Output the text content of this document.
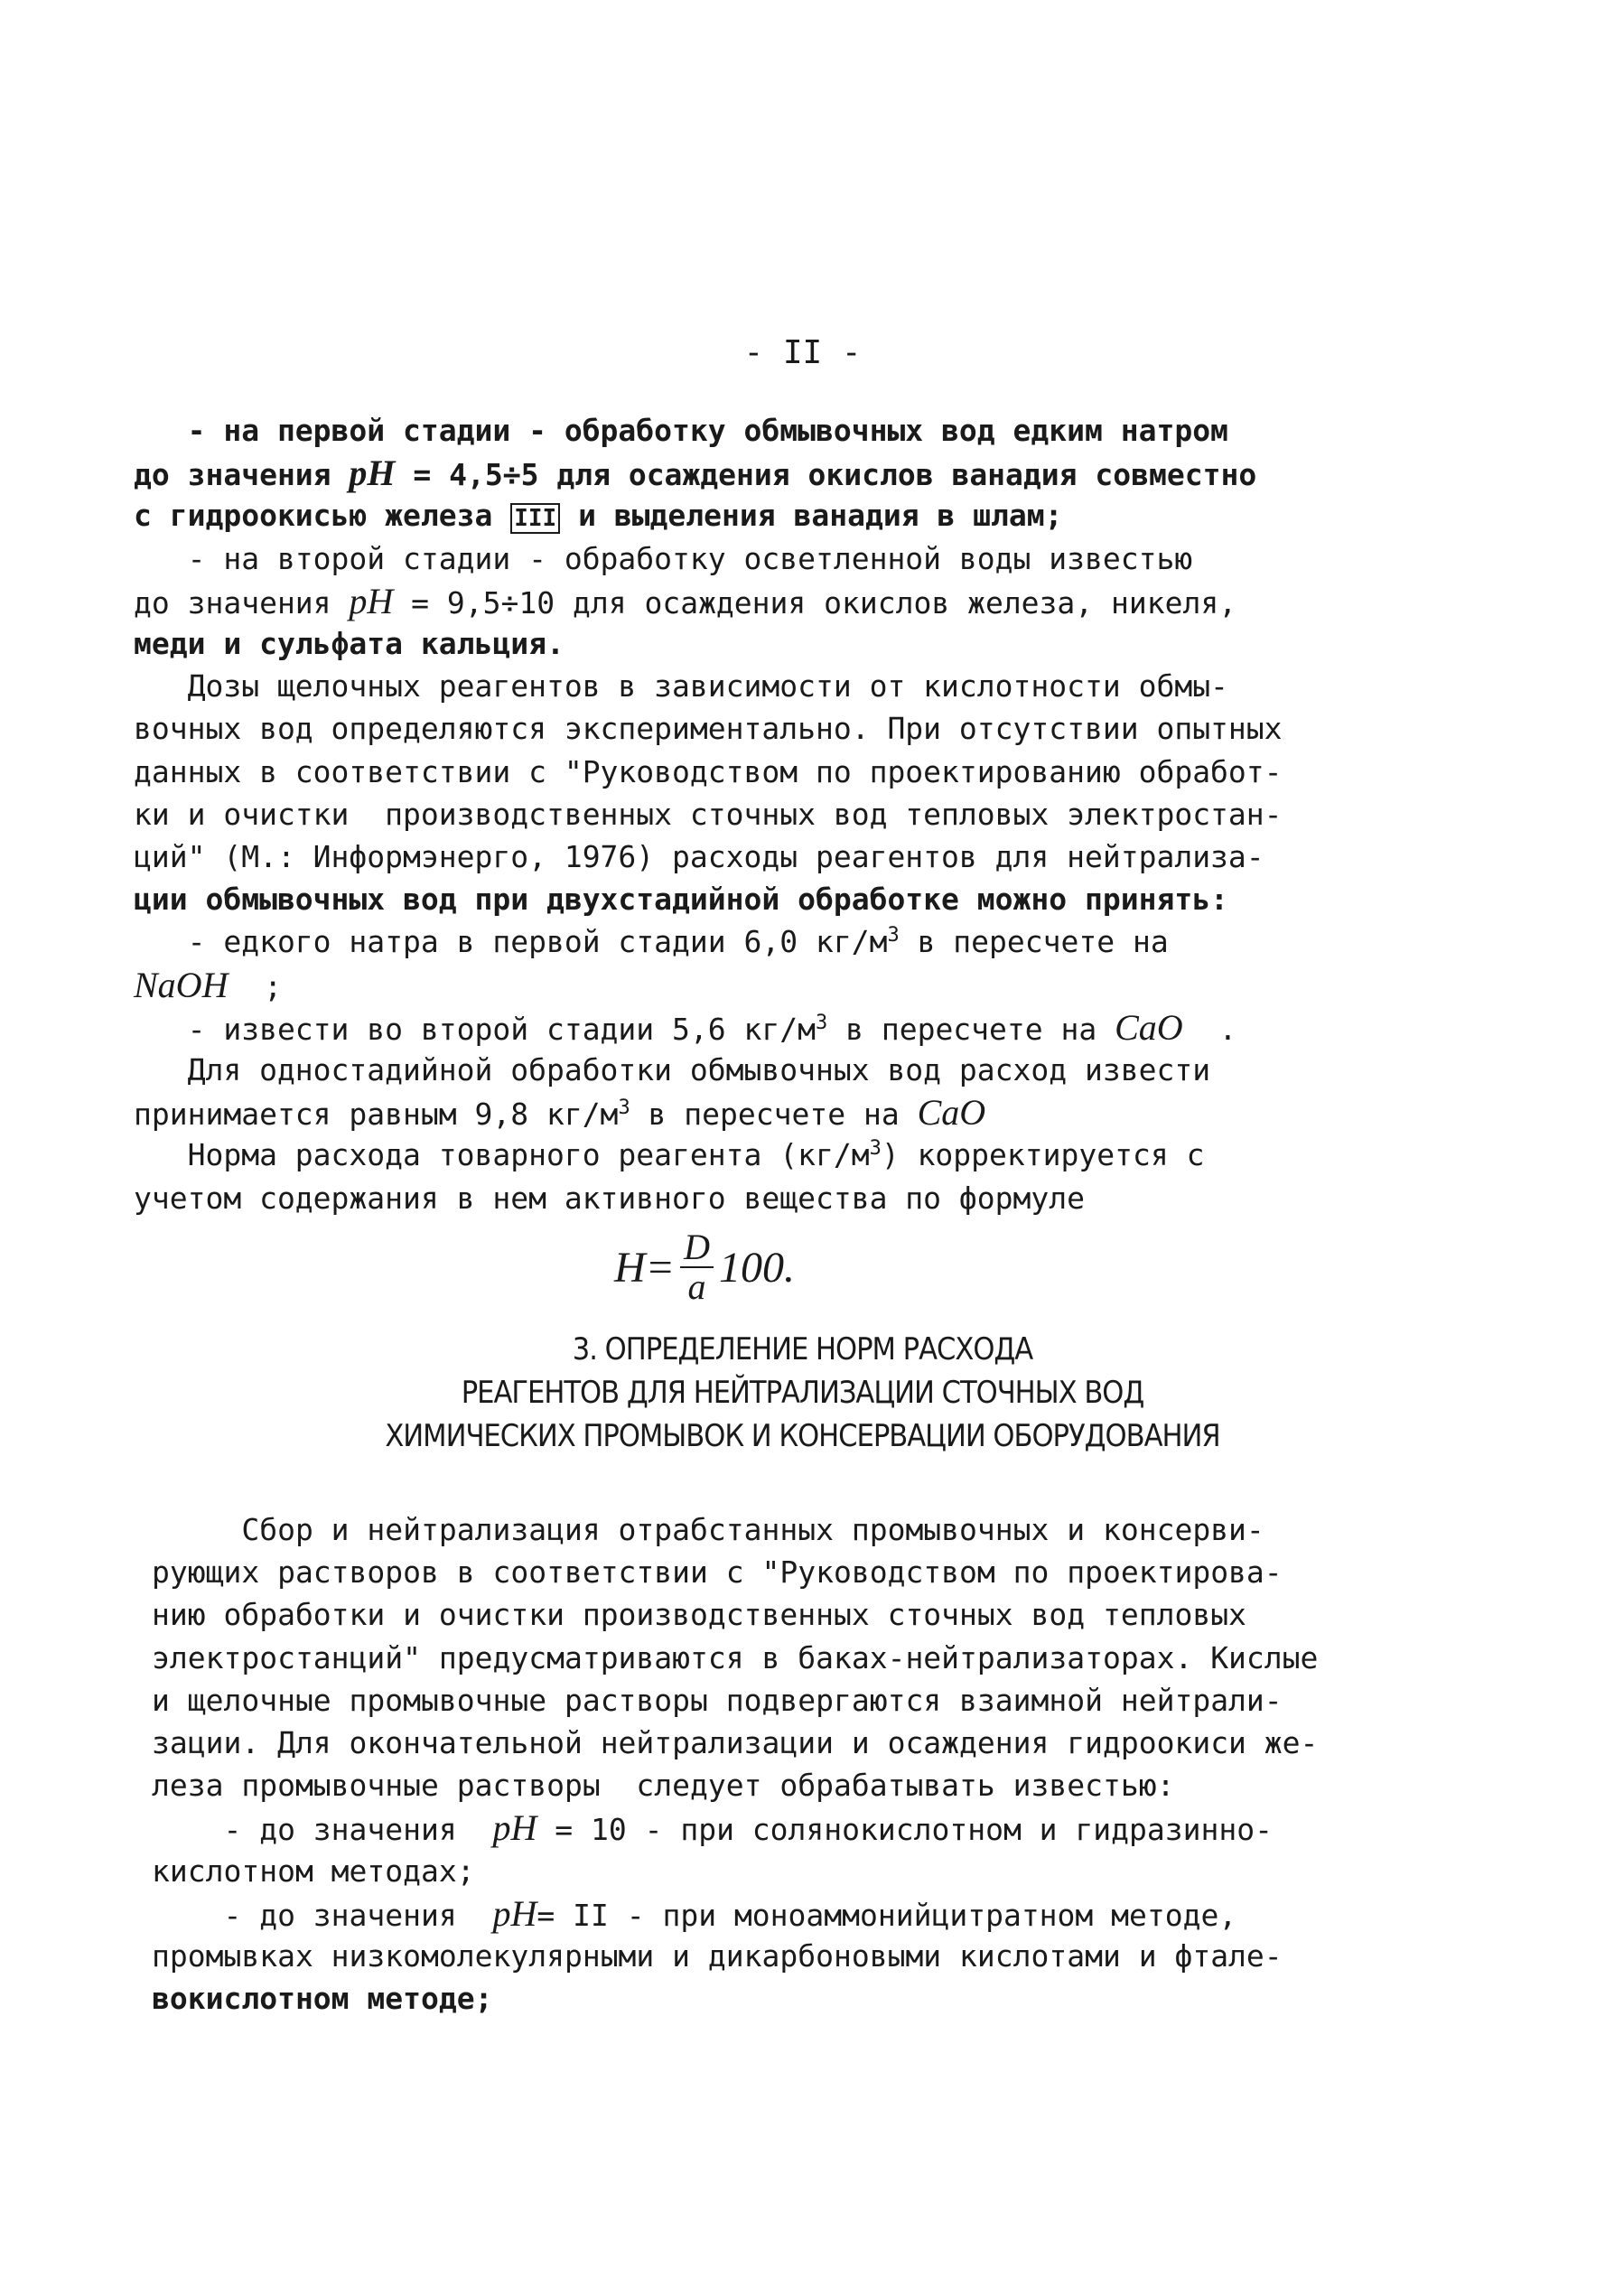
- II -
- на первой стадии - обработку обмывочных вод едким натром
до значения pH = 4,5÷5 для осаждения окислов ванадия совместно
с гидроокисью железа III и выделения ванадия в шлам;
- на второй стадии - обработку осветленной воды известью
до значения pH = 9,5÷10 для осаждения окислов железа, никеля,
меди и сульфата кальция.
Дозы щелочных реагентов в зависимости от кислотности обмы-
вочных вод определяются экспериментально. При отсутствии опытных
данных в соответствии с "Руководством по проектированию обработ-
ки и очистки  производственных сточных вод тепловых электростан-
ций" (М.: Информэнерго, 1976) расходы реагентов для нейтрализа-
ции обмывочных вод при двухстадийной обработке можно принять:
- едкого натра в первой стадии 6,0 $кг/м^3$ в пересчете на
NaOH  ;
- извести во второй стадии 5,6 $кг/м^3$ в пересчете на CaO  .
Для одностадийной обработки обмывочных вод расход извести
принимается равным 9,8 $кг/м^3$ в пересчете на CaO
Норма расхода товарного реагента $(кг/м^3)$ корректируется с
учетом содержания в нем активного вещества по формуле
$H = \frac{D}{a} 100$.
3. ОПРЕДЕЛЕНИЕ НОРМ РАСХОДА
РЕАГЕНТОВ ДЛЯ НЕЙТРАЛИЗАЦИИ СТОЧНЫХ ВОД
ХИМИЧЕСКИХ ПРОМЫВОК И КОНСЕРВАЦИИ ОБОРУДОВАНИЯ
Сбор и нейтрализация отрабстанных промывочных и консерви-
рующих растворов в соответствии с "Руководством по проектирова-
нию обработки и очистки производственных сточных вод тепловых
электростанций" предусматриваются в баках-нейтрализаторах. Кислые
и щелочные промывочные растворы подвергаются взаимной нейтрали-
зации. Для окончательной нейтрализации и осаждения гидроокиси же-
леза промывочные растворы  следует обрабатывать известью:
- до значения  pH = 10 - при солянокислотном и гидразинно-
кислотном методах;
- до значения  pH= II - при моноаммонийцитратном методе,
промывках низкомолекулярными и дикарбоновыми кислотами и фтале-
вокислотном методе;
